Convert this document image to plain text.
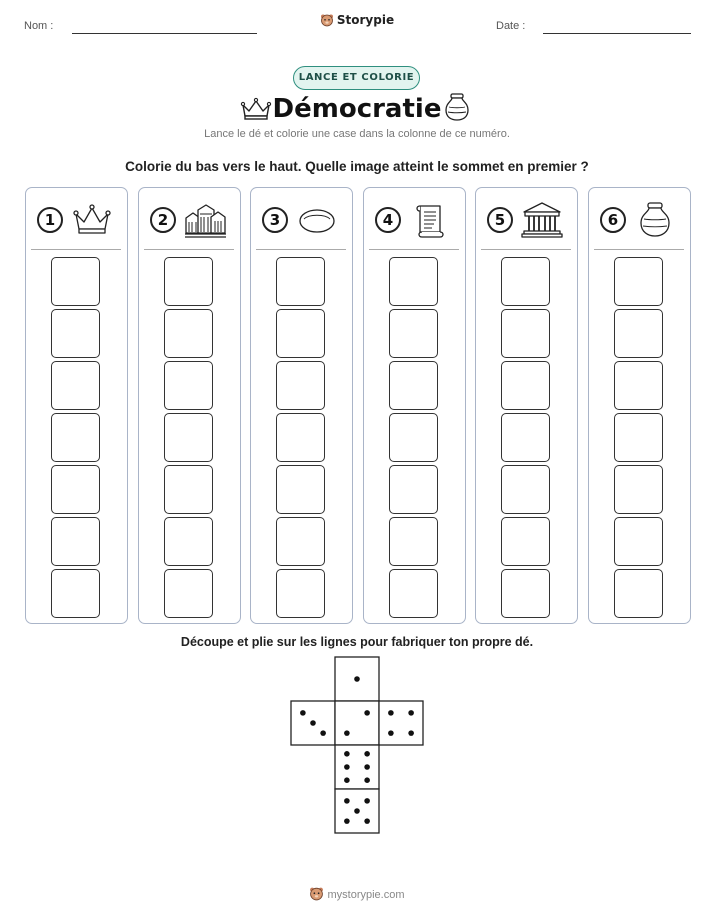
Nom :	Storypie	Date :
LANCE ET COLORIE
Démocratie
Lance le dé et colorie une case dans la colonne de ce numéro.
Colorie du bas vers le haut. Quelle image atteint le sommet en premier ?
1	2	3	4	5	6
Découpe et plie sur les lignes pour fabriquer ton propre dé.
mystorypie.com
